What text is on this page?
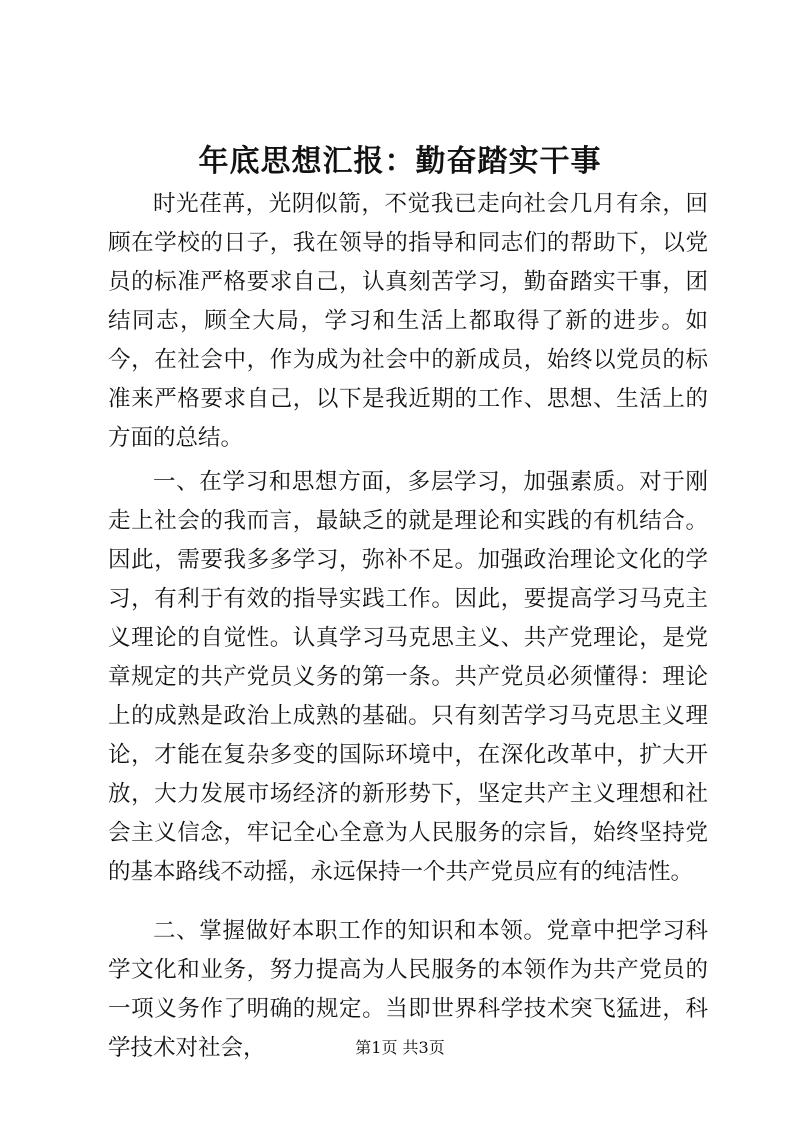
年底思想汇报：勤奋踏实干事

时光荏苒，光阴似箭，不觉我已走向社会几月有余，回顾在学校的日子，我在领导的指导和同志们的帮助下，以党员的标准严格要求自己，认真刻苦学习，勤奋踏实干事，团结同志，顾全大局，学习和生活上都取得了新的进步。如今，在社会中，作为成为社会中的新成员，始终以党员的标准来严格要求自己，以下是我近期的工作、思想、生活上的方面的总结。

一、在学习和思想方面，多层学习，加强素质。对于刚走上社会的我而言，最缺乏的就是理论和实践的有机结合。因此，需要我多多学习，弥补不足。加强政治理论文化的学习，有利于有效的指导实践工作。因此，要提高学习马克主义理论的自觉性。认真学习马克思主义、共产党理论，是党章规定的共产党员义务的第一条。共产党员必须懂得：理论上的成熟是政治上成熟的基础。只有刻苦学习马克思主义理论，才能在复杂多变的国际环境中，在深化改革中，扩大开放，大力发展市场经济的新形势下，坚定共产主义理想和社会主义信念，牢记全心全意为人民服务的宗旨，始终坚持党的基本路线不动摇，永远保持一个共产党员应有的纯洁性。

二、掌握做好本职工作的知识和本领。党章中把学习科学文化和业务，努力提高为人民服务的本领作为共产党员的一项义务作了明确的规定。当即世界科学技术突飞猛进，科学技术对社会，	第1页 共3页
